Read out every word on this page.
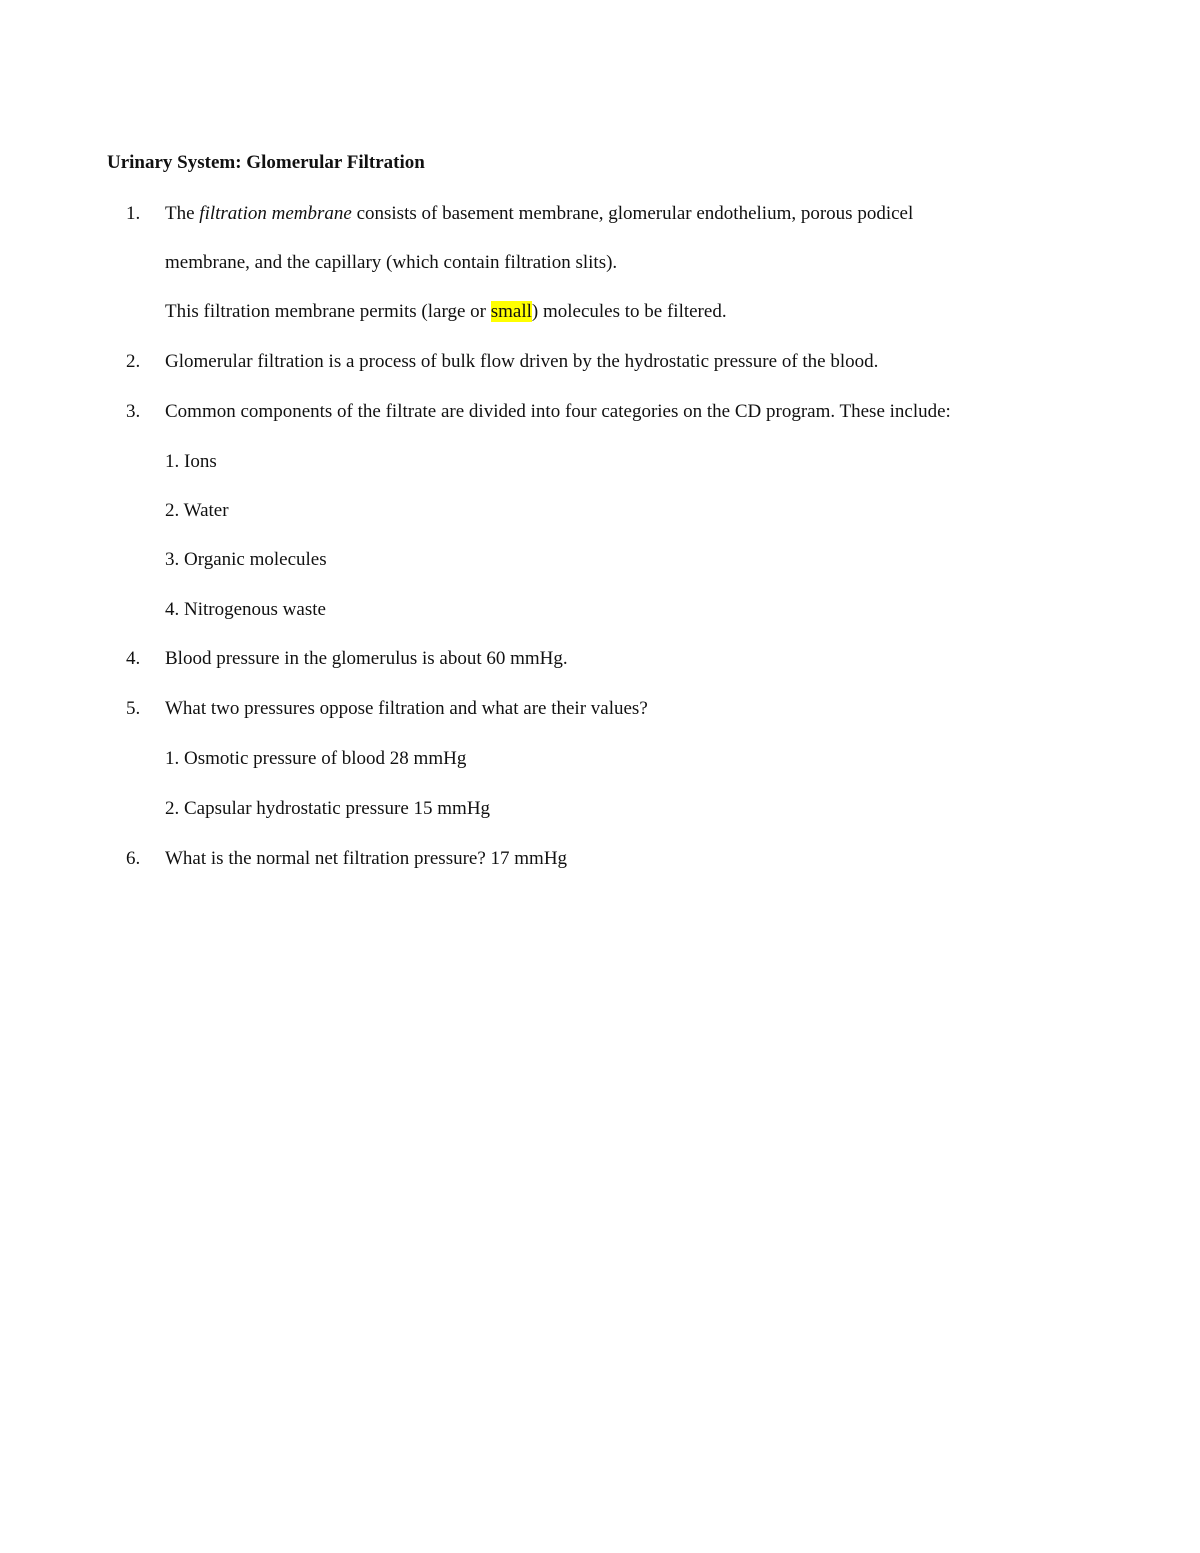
Urinary System: Glomerular Filtration
1. The filtration membrane consists of basement membrane, glomerular endothelium, porous podicel
membrane, and the capillary (which contain filtration slits).
This filtration membrane permits (large or small) molecules to be filtered.
2. Glomerular filtration is a process of bulk flow driven by the hydrostatic pressure of the blood.
3. Common components of the filtrate are divided into four categories on the CD program. These include:
1. Ions
2. Water
3. Organic molecules
4. Nitrogenous waste
4. Blood pressure in the glomerulus is about 60 mmHg.
5. What two pressures oppose filtration and what are their values?
1. Osmotic pressure of blood 28 mmHg
2. Capsular hydrostatic pressure 15 mmHg
6. What is the normal net filtration pressure? 17 mmHg
